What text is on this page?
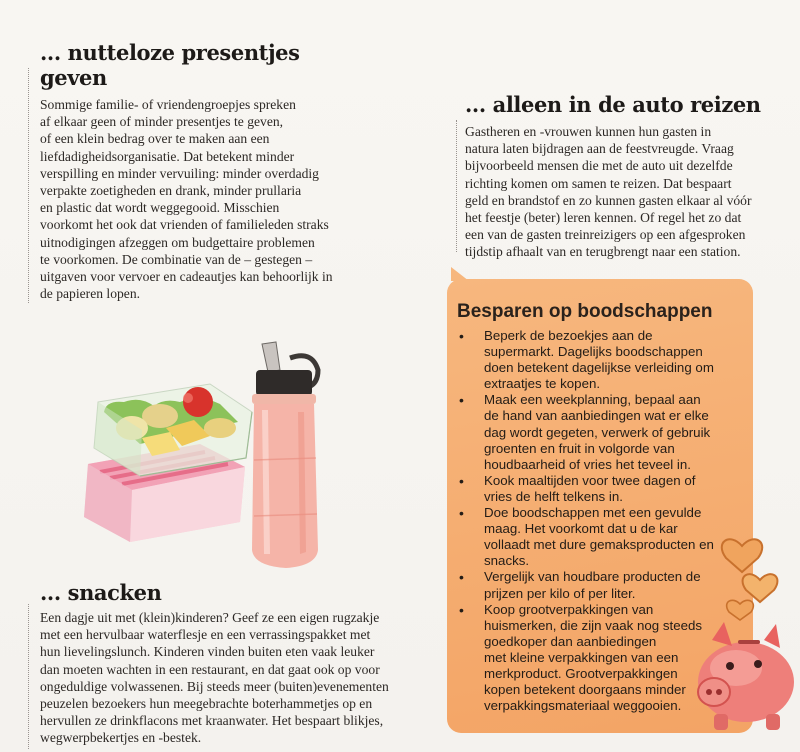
... nutteloze presentjes geven

Sommige familie- of vriendengroepjes spreken
af elkaar geen of minder presentjes te geven,
of een klein bedrag over te maken aan een
liefdadigheidsorganisatie. Dat betekent minder
verspilling en minder vervuiling: minder overdadig
verpakte zoetigheden en drank, minder prullaria
en plastic dat wordt weggegooid. Misschien
voorkomt het ook dat vrienden of familieleden straks
uitnodigingen afzeggen om budgettaire problemen
te voorkomen. De combinatie van de – gestegen –
uitgaven voor vervoer en cadeautjes kan behoorlijk in
de papieren lopen.

... alleen in de auto reizen

Gastheren en -vrouwen kunnen hun gasten in
natura laten bijdragen aan de feestvreugde. Vraag
bijvoorbeeld mensen die met de auto uit dezelfde
richting komen om samen te reizen. Dat bespaart
geld en brandstof en zo kunnen gasten elkaar al vóór
het feestje (beter) leren kennen. Of regel het zo dat
een van de gasten treinreizigers op een afgesproken
tijdstip afhaalt van en terugbrengt naar een station.

... snacken

Een dagje uit met (klein)kinderen? Geef ze een eigen rugzakje
met een hervulbaar waterflesje en een verrassingspakket met
hun lievelingslunch. Kinderen vinden buiten eten vaak leuker
dan moeten wachten in een restaurant, en dat gaat ook op voor
ongeduldige volwassenen. Bij steeds meer (buiten)evenementen
peuzelen bezoekers hun meegebrachte boterhammetjes op en
hervullen ze drinkflacons met kraanwater. Het bespaart blikjes,
wegwerpbekertjes en -bestek.

Besparen op boodschappen
• Beperk de bezoekjes aan de
supermarkt. Dagelijks boodschappen
doen betekent dagelijkse verleiding om
extraatjes te kopen.
• Maak een weekplanning, bepaal aan
de hand van aanbiedingen wat er elke
dag wordt gegeten, verwerk of gebruik
groenten en fruit in volgorde van
houdbaarheid of vries het teveel in.
• Kook maaltijden voor twee dagen of
vries de helft telkens in.
• Doe boodschappen met een gevulde
maag. Het voorkomt dat u de kar
vollaadt met dure gemaksproducten en
snacks.
• Vergelijk van houdbare producten de
prijzen per kilo of per liter.
• Koop grootverpakkingen van
huismerken, die zijn vaak nog steeds
goedkoper dan aanbiedingen
met kleine verpakkingen van een
merkproduct. Grootverpakkingen
kopen betekent doorgaans minder
verpakkingsmateriaal weggooien.
